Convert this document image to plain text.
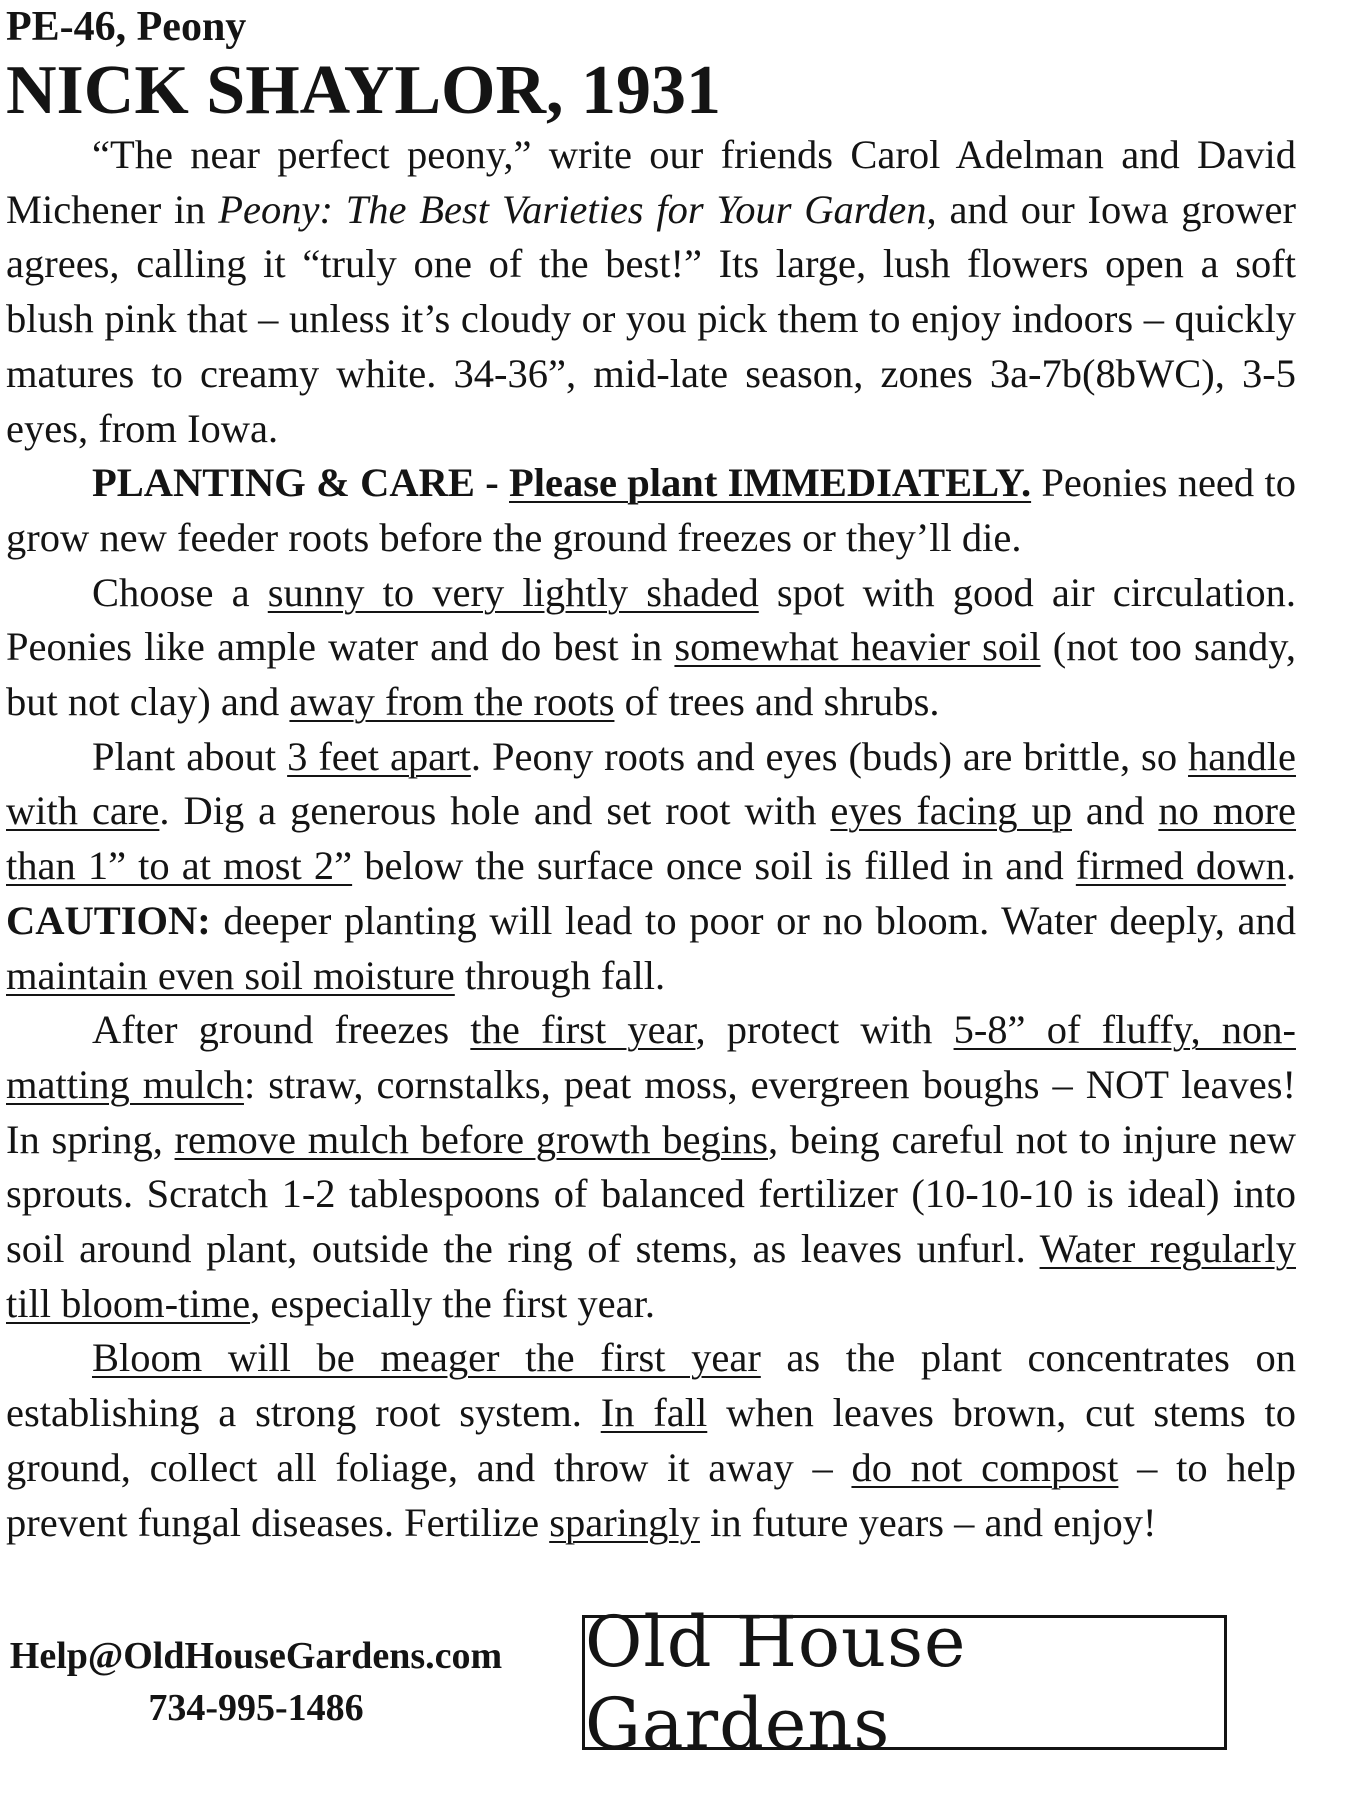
PE-46, Peony
NICK SHAYLOR, 1931

“The near perfect peony,” write our friends Carol Adelman and David Michener in Peony: The Best Varieties for Your Garden, and our Iowa grower agrees, calling it “truly one of the best!” Its large, lush flowers open a soft blush pink that – unless it’s cloudy or you pick them to enjoy indoors – quickly matures to creamy white. 34-36”, mid-late season, zones 3a-7b(8bWC), 3-5 eyes, from Iowa.

PLANTING & CARE - Please plant IMMEDIATELY. Peonies need to grow new feeder roots before the ground freezes or they’ll die.

Choose a sunny to very lightly shaded spot with good air circulation. Peonies like ample water and do best in somewhat heavier soil (not too sandy, but not clay) and away from the roots of trees and shrubs.

Plant about 3 feet apart. Peony roots and eyes (buds) are brittle, so handle with care. Dig a generous hole and set root with eyes facing up and no more than 1” to at most 2” below the surface once soil is filled in and firmed down. CAUTION: deeper planting will lead to poor or no bloom. Water deeply, and maintain even soil moisture through fall.

After ground freezes the first year, protect with 5-8” of fluffy, non-matting mulch: straw, cornstalks, peat moss, evergreen boughs – NOT leaves! In spring, remove mulch before growth begins, being careful not to injure new sprouts. Scratch 1-2 tablespoons of balanced fertilizer (10-10-10 is ideal) into soil around plant, outside the ring of stems, as leaves unfurl. Water regularly till bloom-time, especially the first year.

Bloom will be meager the first year as the plant concentrates on establishing a strong root system. In fall when leaves brown, cut stems to ground, collect all foliage, and throw it away – do not compost – to help prevent fungal diseases. Fertilize sparingly in future years – and enjoy!

Help@OldHouseGardens.com
734-995-1486
Old House Gardens
